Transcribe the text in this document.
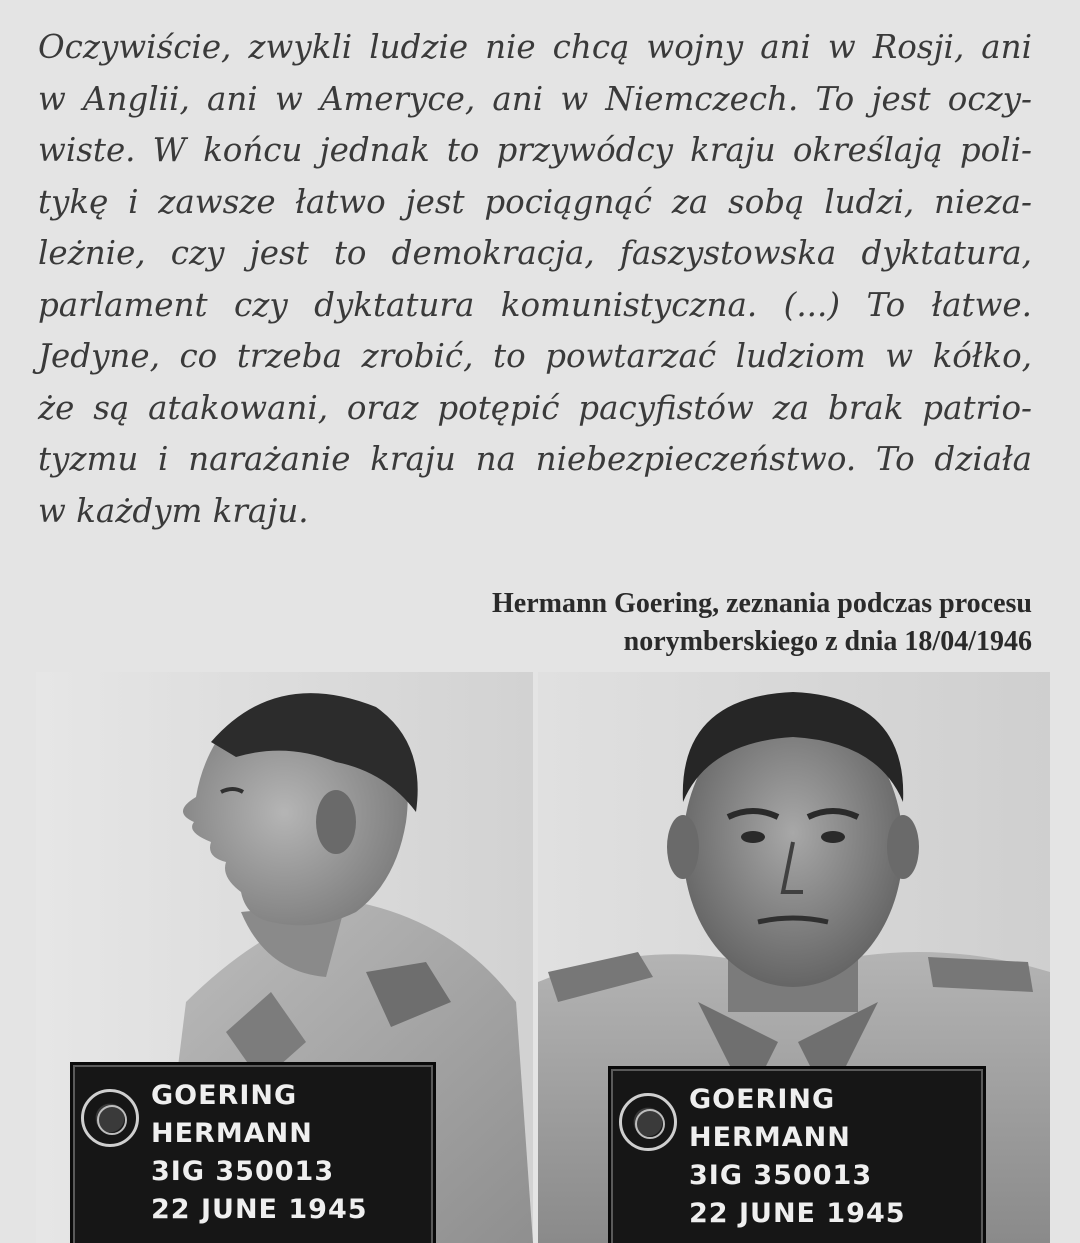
Oczywiście, zwykli ludzie nie chcą wojny ani w Rosji, ani
w Anglii, ani w Ameryce, ani w Niemczech. To jest oczy-
wiste. W końcu jednak to przywódcy kraju określają poli-
tykę i zawsze łatwo jest pociągnąć za sobą ludzi, nieza-
leżnie, czy jest to demokracja, faszystowska dyktatura,
parlament czy dyktatura komunistyczna. (...) To łatwe.
Jedyne, co trzeba zrobić, to powtarzać ludziom w kółko,
że są atakowani, oraz potępić pacyfistów za brak patrio-
tyzmu i narażanie kraju na niebezpieczeństwo. To działa
w każdym kraju.
Hermann Goering, zeznania podczas procesu
norymberskiego z dnia 18/04/1946
GOERING
HERMANN
3IG 350013
22 JUNE 1945
GOERING
HERMANN
3IG 350013
22 JUNE 1945
